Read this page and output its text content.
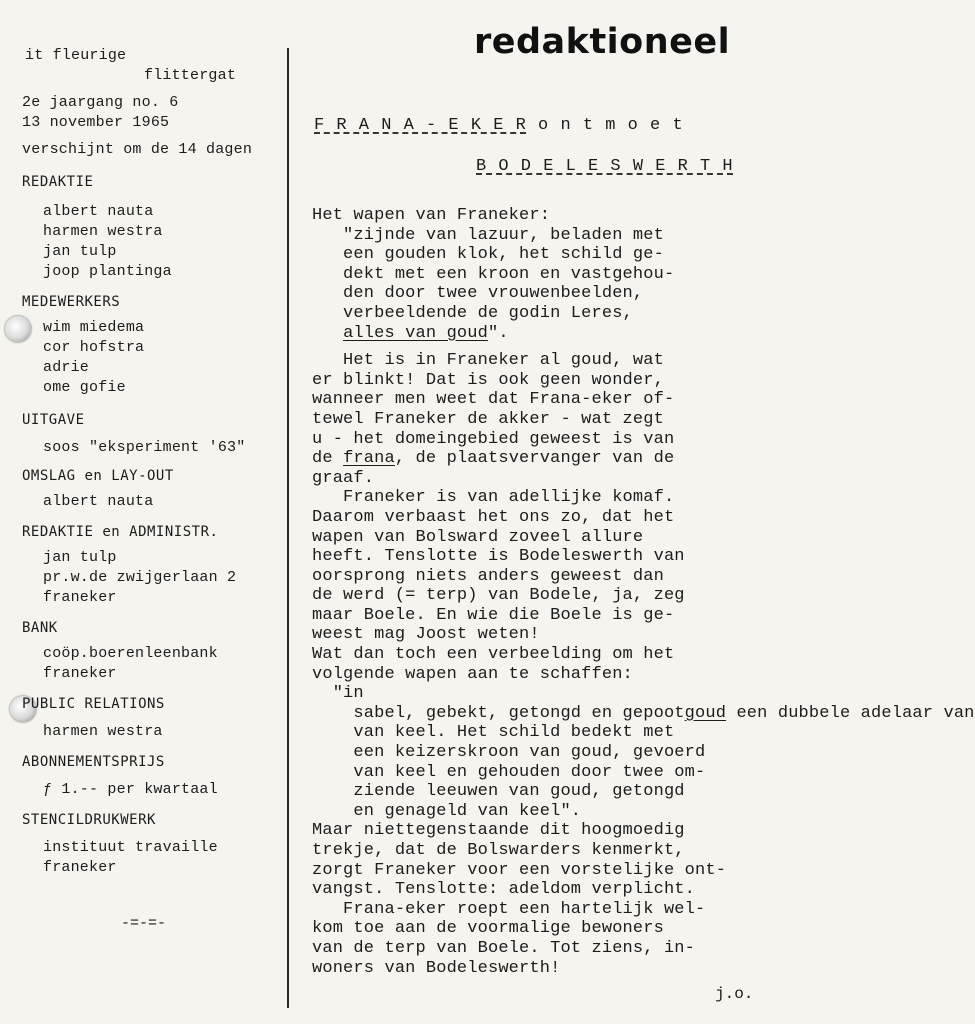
it fleurige
flittergat
2e jaargang no. 6
13 november 1965
verschijnt om de 14 dagen
REDAKTIE
albert nauta
harmen westra
jan tulp
joop plantinga
MEDEWERKERS
wim miedema
cor hofstra
adrie
ome gofie
UITGAVE
soos "eksperiment '63"
OMSLAG en LAY-OUT
albert nauta
REDAKTIE en ADMINISTR.
jan tulp
pr.w.de zwijgerlaan 2
franeker
BANK
coöp.boerenleenbank
franeker
PUBLIC RELATIONS
harmen westra
ABONNEMENTSPRIJS
ƒ 1.-- per kwartaal
STENCILDRUKWERK
instituut travaille
franeker
-=-=-
redaktioneel
F R A N A - E K E R o n t m o e t
B O D E L E S W E R T H
Het wapen van Franeker:
"zijnde van lazuur, beladen met
een gouden klok, het schild ge-
dekt met een kroon en vastgehou-
den door twee vrouwenbeelden,
verbeeldende de godin Leres,
alles van goud".
Het is in Franeker al goud, wat
er blinkt! Dat is ook geen wonder,
wanneer men weet dat Frana-eker of-
tewel Franeker de akker - wat zegt
u - het domeingebied geweest is van
de frana, de plaatsvervanger van de
graaf.
Franeker is van adellijke komaf.
Daarom verbaast het ons zo, dat het
wapen van Bolsward zoveel allure
heeft. Tenslotte is Bodeleswerth van
oorsprong niets anders geweest dan
de werd (= terp) van Bodele, ja, zeg
maar Boele. En wie die Boele is ge-
weest mag Joost weten!
Wat dan toch een verbeelding om het
volgende wapen aan te schaffen:
"in
sabel, gebekt, getongd en gepootgoud een dubbele adelaar van
van keel. Het schild bedekt met
een keizerskroon van goud, gevoerd
van keel en gehouden door twee om-
ziende leeuwen van goud, getongd
en genageld van keel".
Maar niettegenstaande dit hoogmoedig
trekje, dat de Bolswarders kenmerkt,
zorgt Franeker voor een vorstelijke ont-
vangst. Tenslotte: adeldom verplicht.
Frana-eker roept een hartelijk wel-
kom toe aan de voormalige bewoners
van de terp van Boele. Tot ziens, in-
woners van Bodeleswerth!
j.o.
